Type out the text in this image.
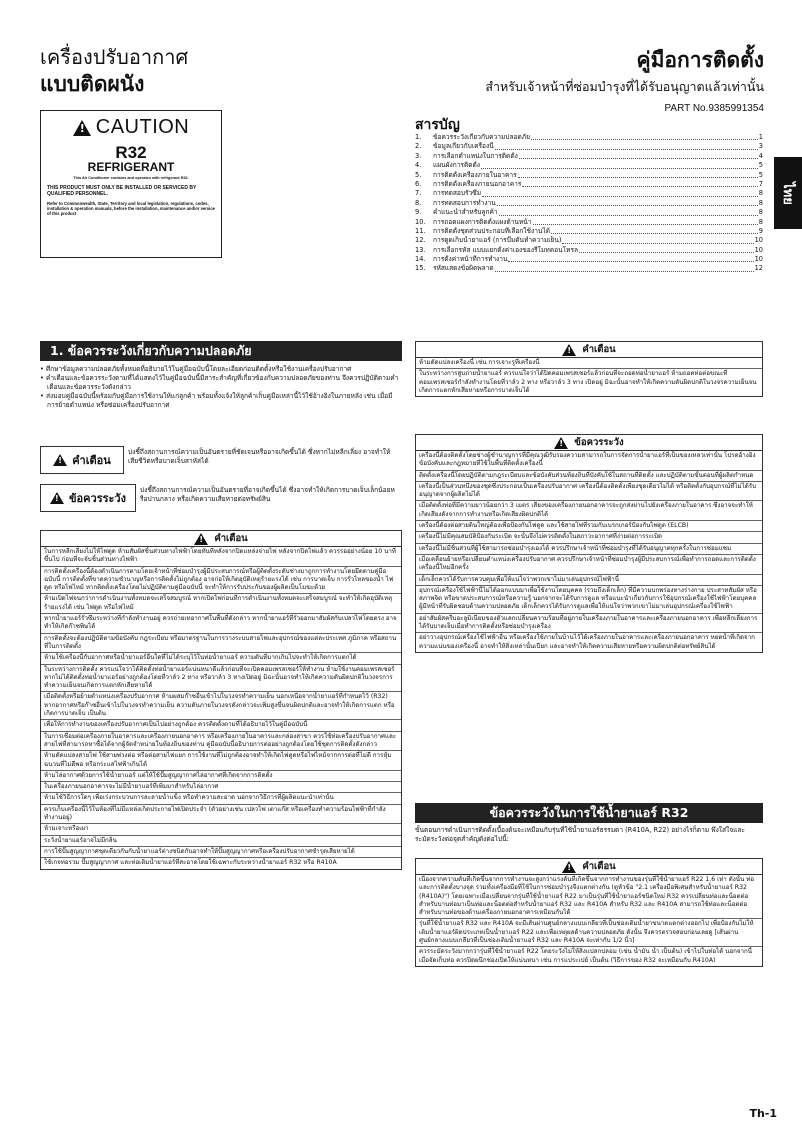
เครื่องปรับอากาศ
แบบติดผนัง
คู่มือการติดตั้ง
สำหรับเจ้าหน้าที่ซ่อมบำรุงที่ได้รับอนุญาตแล้วเท่านั้น
PART No.9385991354
!
CAUTION
R32
REFRIGERANT
This Air Conditioner contains and operates with refrigerant R32.
THIS PRODUCT MUST ONLY BE INSTALLED OR SERVICED BY QUALIFIED PERSONNEL.
Refer to Commonwealth, State, Territory and local legislation, regulations, codes, installation & operation manuals, before the installation, maintenance and/or service of this product
ไทย
สารบัญ
1.	ข้อควรระวังเกี่ยวกับความปลอดภัย	1
2.	ข้อมูลเกี่ยวกับเครื่องนี้	3
3.	การเลือกตำแหน่งในการติดตั้ง	4
4.	แผนผังการติดตั้ง	5
5.	การติดตั้งเครื่องภายในอาคาร	5
6.	การติดตั้งเครื่องภายนอกอาคาร	7
7.	การทดสอบรั่วซึม	8
8.	การทดสอบการทำงาน	8
9.	คำแนะนำสำหรับลูกค้า	8
10.	การถอดแผงการติดตั้งแผงด้านหน้า	8
11.	การติดตั้งชุดส่วนประกอบที่เลือกใช้งานได้	9
12.	การดูดเก็บน้ำยาแอร์ (การปั๊มดันทำความเย็น)	10
13.	การเลือกรหัส แบบแยกตั้งค่าเองของรีโมทคอนโทรล	10
14.	การตั้งค่าหน้าที่การทำงาน	10
15.	รหัสแสดงข้อผิดพลาด	12
1. ข้อควรระวังเกี่ยวกับความปลอดภัย
• ศึกษาข้อมูลความปลอดภัยทั้งหมดที่อธิบายไว้ในคู่มือฉบับนี้โดยละเอียดก่อนติดตั้งหรือใช้งานเครื่องปรับอากาศ
• คำเตือนและข้อควรระวังตามที่ได้แสดงไว้ในคู่มือฉบับนี้มีสาระสำคัญที่เกี่ยวข้องกับความปลอดภัยของท่าน จึงควรปฏิบัติตามคำเตือนและข้อควรระวังดังกล่าว
• ส่งมอบคู่มือฉบับนี้พร้อมกับคู่มือการใช้งานให้แก่ลูกค้า พร้อมทั้งแจ้งให้ลูกค้าเก็บคู่มือเหล่านี้ไว้ใช้อ้างอิงในภายหลัง เช่น เมื่อมีการย้ายตำแหน่ง หรือซ่อมเครื่องปรับอากาศ
!
คำเตือน
บ่งชี้ถึงสถานการณ์ความเป็นอันตรายที่ชัดเจนหรืออาจเกิดขึ้นได้ ซึ่งหากไม่หลีกเลี่ยง อาจทำให้เสียชีวิตหรือบาดเจ็บสาหัสได้
!
ข้อควรระวัง
บ่งชี้ถึงสถานการณ์ความเป็นอันตรายที่อาจเกิดขึ้นได้ ซึ่งอาจทำให้เกิดการบาดเจ็บเล็กน้อยหรือปานกลาง หรือเกิดความเสียหายต่อทรัพย์สิน
!
คำเตือน
ในการหลีกเลี่ยงไม่ให้ไฟดูด ห้ามสัมผัสชิ้นส่วนทางไฟฟ้าโดยทันทีหลังจากปิดแหล่งจ่ายไฟ หลังจากปิดไฟแล้ว ควรรออย่างน้อย 10 นาทีขึ้นไป ก่อนที่จะจับชิ้นส่วนทางไฟฟ้า
การติดตั้งเครื่องนี้ต้องดำเนินการตามโดยเจ้าหน้าที่ซ่อมบำรุงผู้มีประสบการณ์หรือผู้ติดตั้งระดับช่างมาถูกการทำงานโดยยึดตามคู่มือฉบับนี้ การติดตั้งที่ขาดความชำนาญหรือการติดตั้งไม่ถูกต้อง อาจก่อให้เกิดอุบัติเหตุร้ายแรงได้ เช่น การบาดเจ็บ การรั่วไหลของน้ำ ไฟดูด หรือไฟไหม้ หากติดตั้งเครื่องโดยไม่ปฏิบัติตามคู่มือฉบับนี้ จะทำให้การรับประกันของผู้ผลิตเป็นโมฆะด้วย
ห้ามเปิดไฟจนกว่าการดำเนินงานทั้งหมดจะเสร็จสมบูรณ์ หากเปิดไฟก่อนที่การดำเนินงานทั้งหมดจะเสร็จสมบูรณ์ จะทำให้เกิดอุบัติเหตุร้ายแรงได้ เช่น ไฟดูด หรือไฟไหม้
หากน้ำยาแอร์รั่วซึมระหว่างที่กำลังทำงานอยู่ ควรถ่ายเทอากาศในพื้นที่ดังกล่าว หากน้ำยาแอร์ที่รั่วออกมาสัมผัสกับเปลวไฟโดยตรง อาจทำให้เกิดก๊าซพิษได้
การติดตั้งจะต้องปฏิบัติตามข้อบังคับ กฎระเบียบ หรือมาตรฐานในการวางระบบสายไฟและอุปกรณ์ของแต่ละประเทศ ภูมิภาค หรือสถานที่ในการติดตั้ง
ห้ามใช้เครื่องนี้กับอากาศหรือน้ำยาแอร์อื่นใดที่ไม่ได้ระบุไว้ในท่อน้ำยาแอร์ ความดันที่มากเกินไปจะทำให้เกิดการแตกได้
ในระหว่างการติดตั้ง ควรแน่ใจว่าได้ติดตั้งท่อน้ำยาแอร์แน่นหนาดีแล้วก่อนที่จะเปิดคอมเพรสเซอร์ให้ทำงาน ห้ามใช้งานคอมเพรสเซอร์ หากไม่ได้ติดตั้งท่อน้ำยาแอร์อย่างถูกต้องโดยที่วาล์ว 2 ทาง หรือวาล์ว 3 ทางเปิดอยู่ มิฉะนั้นอาจทำให้เกิดความดันผิดปกติในวงจรการทำความเย็นจนเกิดการแตกหักเสียหายได้
เมื่อติดตั้งหรือย้ายตำแหน่งเครื่องปรับอากาศ ห้ามผสมก๊าซอื่นเข้าไปในวงจรทำความเย็น นอกเหนือจากน้ำยาแอร์ที่กำหนดไว้ (R32) หากอากาศหรือก๊าซอื่นเข้าไปในวงจรทำความเย็น ความดันภายในวงจรดังกล่าวจะเพิ่มสูงขึ้นจนผิดปกติและอาจทำให้เกิดการแตก หรือเกิดการบาดเจ็บ เป็นต้น
เพื่อให้การทำงานของเครื่องปรับอากาศเป็นไปอย่างถูกต้อง ควรติดตั้งตามที่ได้อธิบายไว้ในคู่มือฉบับนี้
ในการเชื่อมต่อเครื่องภายในอาคารและเครื่องภายนอกอาคาร หรือเครื่องภายในอาคารและกล่องสาขา ควรใช้ท่อเครื่องปรับอากาศและสายไฟที่สามารถหาซื้อได้จากผู้จัดจำหน่ายในท้องถิ่นของท่าน คู่มือฉบับนี้อธิบายการต่ออย่างถูกต้องโดยใช้ชุดการติดตั้งดังกล่าว
ห้ามดัดแปลงสายไฟ ใช้สายพ่วงต่อ หรือต่อสายไฟแยก การใช้งานที่ไม่ถูกต้องอาจทำให้เกิดไฟดูดหรือไฟไหม้จากการต่อที่ไม่ดี การหุ้มฉนวนที่ไม่ดีพอ หรือกระแสไฟฟ้าเกินได้
ห้ามไล่อากาศด้วยการใช้น้ำยาแอร์ แต่ให้ใช้ปั๊มสูญญากาศไล่อากาศที่เกิดจากการติดตั้ง
ในเครื่องภายนอกอาคารจะไม่มีน้ำยาแอร์ที่เพิ่มมาสำหรับไล่อากาศ
ห้ามใช้วิธีการใดๆ เพื่อเร่งกระบวนการละลายน้ำแข็ง หรือทำความสะอาด นอกจากวิธีการที่ผู้ผลิตแนะนำเท่านั้น
ควรเก็บเครื่องนี้ไว้ในห้องที่ไม่มีแหล่งเกิดประกายไฟเปิดประจำ (ตัวอย่างเช่น เปลวไฟ เตาแก๊ส หรือเครื่องทำความร้อนไฟฟ้าที่กำลังทำงานอยู่)
ห้ามเจาะหรือเผา
ระวังน้ำยาแอร์อาจไม่มีกลิ่น
การใช้ปั๊มสูญญากาศชุดเดียวกันกับน้ำยาแอร์ต่างชนิดกันอาจทำให้ปั๊มสูญญากาศหรือเครื่องปรับอากาศชำรุดเสียหายได้
ใช้เกจท่อรวม ปั๊มสูญญากาศ และท่อเติมน้ำยาแอร์ที่สะอาดโดยใช้เฉพาะกับระหว่างน้ำยาแอร์ R32 หรือ R410A
!
คำเตือน
ห้ามดัดแปลงเครื่องนี้ เช่น การเจาะรูที่เครื่องนี้
ในระหว่างการสูบถ่ายน้ำยาแอร์ ควรแน่ใจว่าได้ปิดคอมเพรสเซอร์แล้วก่อนที่จะถอดท่อน้ำยาแอร์ ห้ามถอดท่อต่อขณะที่คอมเพรสเซอร์กำลังทำงานโดยที่วาล์ว 2 ทาง หรือวาล์ว 3 ทาง เปิดอยู่ มิฉะนั้นอาจทำให้เกิดความดันผิดปกติในวงจรความเย็นจนเกิดการแตกหักเสียหายหรือการบาดเจ็บได้
!
ข้อควรระวัง
เครื่องนี้ต้องติดตั้งโดยช่างผู้ชำนาญการที่มีคุณวุฒิรับรองความสามารถในการจัดการน้ำยาแอร์ที่เป็นของเหลวเท่านั้น โปรดอ้างอิงข้อบังคับและกฎหมายที่ใช้ในพื้นที่ติดตั้งเครื่องนี้
ติดตั้งเครื่องนี้โดยปฏิบัติตามกฎระเบียบและข้อบังคับส่วนท้องถิ่นที่บังคับใช้ในสถานที่ติดตั้ง และปฏิบัติตามขั้นตอนที่ผู้ผลิตกำหนด
เครื่องนี้เป็นส่วนหนึ่งของชุดซึ่งประกอบเป็นเครื่องปรับอากาศ เครื่องนี้ต้องติดตั้งเพียงชุดเดียวไม่ได้ หรือติดตั้งกับอุปกรณ์ที่ไม่ได้รับอนุญาตจากผู้ผลิตไม่ได้
เมื่อติดตั้งท่อที่มีความยาวน้อยกว่า 3 เมตร เสียงของเครื่องภายนอกอาคารจะถูกส่งผ่านไปยังเครื่องภายในอาคาร ซึ่งอาจจะทำให้เกิดเสียงดังจากการทำงานหรือเกิดเสียงผิดปกติได้
เครื่องนี้ต้องต่อสายดินใหญ่ต้องเพื่อป้องกันไฟดูด และใช้สายไฟที่รวมกับเบรกเกอร์ป้องกันไฟดูด (ELCB)
เครื่องนี้ไม่มีคุณสมบัติป้องกันระเบิด จะนั้นจึงไม่ควรติดตั้งในสภาวะอากาศที่ง่ายต่อการระเบิด
เครื่องนี้ไม่มีชิ้นส่วนที่ผู้ใช้สามารถซ่อมบำรุงเองได้ ควรปรึกษาเจ้าหน้าที่ซ่อมบำรุงที่ได้รับอนุญาตทุกครั้งในการซ่อมแซม
เมื่อเคลื่อนย้ายหรือเปลี่ยนตำแหน่งเครื่องปรับอากาศ ควรปรึกษาเจ้าหน้าที่ซ่อมบำรุงผู้มีประสบการณ์เพื่อทำการถอดและการติดตั้งเครื่องนี้ใหม่อีกครั้ง
เด็กเล็กควรได้รับการควบคุมเพื่อให้แน่ใจว่าพวกเขาไม่มาเล่นอุปกรณ์ไฟฟ้านี้
อุปกรณ์เครื่องใช้ไฟฟ้านี้ไม่ได้ออกแบบมาเพื่อใช้งานโดยบุคคล (รวมถึงเด็กเล็ก) ที่มีความบกพร่องทางร่างกาย ประสาทสัมผัส หรือสภาพจิต หรือขาดประสบการณ์หรือความรู้ นอกจากจะได้รับการดูแล หรือแนะนำเกี่ยวกับการใช้อุปกรณ์เครื่องใช้ไฟฟ้าโดยบุคคลผู้มีหน้าที่รับผิดชอบด้านความปลอดภัย เด็กเล็กควรได้รับการดูแลเพื่อให้แน่ใจว่าพวกเขาไม่มาเล่นอุปกรณ์เครื่องใช้ไฟฟ้า
อย่าสัมผัสครีบอะลูมิเนียมของตัวแลกเปลี่ยนความร้อนที่อยู่ภายในเครื่องภายในอาคารและเครื่องภายนอกอาคาร เพื่อหลีกเลี่ยงการได้รับบาดเจ็บเมื่อทำการติดตั้งหรือซ่อมบำรุงเครื่อง
อย่าวางอุปกรณ์เครื่องใช้ไฟฟ้าอื่น หรือเครื่องใช้ภายในบ้านไว้ใต้เครื่องภายในอาคารและเครื่องภายนอกอาคาร หยดน้ำที่เกิดจากความแน่นของเครื่องนี้ อาจทำให้สิ่งเหล่านั้นเปียก และอาจทำให้เกิดความเสียหายหรือความผิดปกติต่อทรัพย์สินได้
ข้อควรระวังในการใช้น้ำยาแอร์ R32
ขั้นตอนการดำเนินการติดตั้งเบื้องต้นจะเหมือนกับรุ่นที่ใช้น้ำยาแอร์ธรรมดา (R410A, R22) อย่างไรก็ตาม พึงใส่ใจและระมัดระวังต่อจุดสำคัญดังต่อไปนี้:
!
คำเตือน
เนื่องจากความดันที่เกิดขึ้นจากการทำงานจะสูงกว่าแรงดันที่เกิดขึ้นจากการทำงานของรุ่นที่ใช้น้ำยาแอร์ R22 1.6 เท่า ดังนั้น ท่อและการติดตั้งบางจุด รวมทั้งเครื่องมือที่ใช้ในการซ่อมบำรุงจึงแตกต่างกัน (ดูหัวข้อ "2.1 เครื่องมือพิเศษสำหรับน้ำยาแอร์ R32 (R410A)") โดยเฉพาะเมื่อเปลี่ยนจากรุ่นที่ใช้น้ำยาแอร์ R22 มาเป็นรุ่นที่ใช้น้ำยาแอร์ชนิดใหม่ R32 ควรเปลี่ยนท่อและน็อตต่อสำหรับบานท่อมาเป็นท่อและน็อตต่อสำหรับน้ำยาแอร์ R32 และ R410A สำหรับ R32 และ R410A สามารถใช้ท่อและน็อตต่อสำหรับบานท่อของด้านเครื่องภายนอกอาคารเหมือนกันได้
รุ่นที่ใช้น้ำยาแอร์ R32 และ R410A จะมีเส้นผ่านศูนย์กลางแบบเกลียวที่เป็นช่องเติมน้ำยาขนาดแตกต่างออกไป เพื่อป้องกันไม่ให้เติมน้ำยาแอร์ผิดประเภทเป็นน้ำยาแอร์ R22 และเพื่อเหตุผลด้านความปลอดภัย ดังนั้น จึงควรตรวจสอบก่อนเลยดู [เส้นผ่านศูนย์กลางแบบเกลียวที่เป็นช่องเติมน้ำยาแอร์ R32 และ R410A จะเท่ากับ 1/2 นิ้ว]
ควรระมัดระวังมากกว่ารุ่นที่ใช้น้ำยาแอร์ R22 โดยระวังไม่ให้สิ่งแปลกปลอม (เช่น น้ำมัน น้ำ เป็นต้น) เข้าไปในท่อได้ นอกจากนี้ เมื่อจัดเก็บท่อ ควรปิดผนึกช่องเปิดให้แน่นหนา เช่น การแประเปย์ เป็นต้น (วิธีการของ R32 จะเหมือนกับ R410A)
Th-1
